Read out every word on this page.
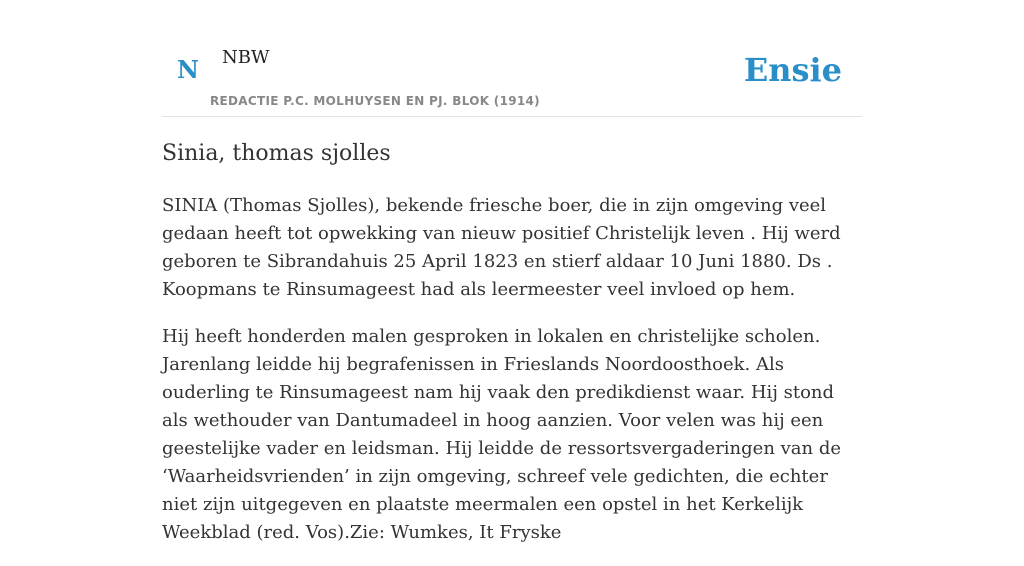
N NBW
REDACTIE P.C. MOLHUYSEN EN PJ. BLOK (1914)
Ensie
Sinia, thomas sjolles

SINIA (Thomas Sjolles), bekende friesche boer, die in zijn omgeving veel gedaan heeft tot opwekking van nieuw positief Christelijk leven . Hij werd geboren te Sibrandahuis 25 April 1823 en stierf aldaar 10 Juni 1880. Ds . Koopmans te Rinsumageest had als leermeester veel invloed op hem.

Hij heeft honderden malen gesproken in lokalen en christelijke scholen. Jarenlang leidde hij begrafenissen in Frieslands Noordoosthoek. Als ouderling te Rinsumageest nam hij vaak den predikdienst waar. Hij stond als wethouder van Dantumadeel in hoog aanzien. Voor velen was hij een geestelijke vader en leidsman. Hij leidde de ressortsvergaderingen van de ‘Waarheidsvrienden’ in zijn omgeving, schreef vele gedichten, die echter niet zijn uitgegeven en plaatste meermalen een opstel in het Kerkelijk Weekblad (red. Vos).Zie: Wumkes, It Fryske
